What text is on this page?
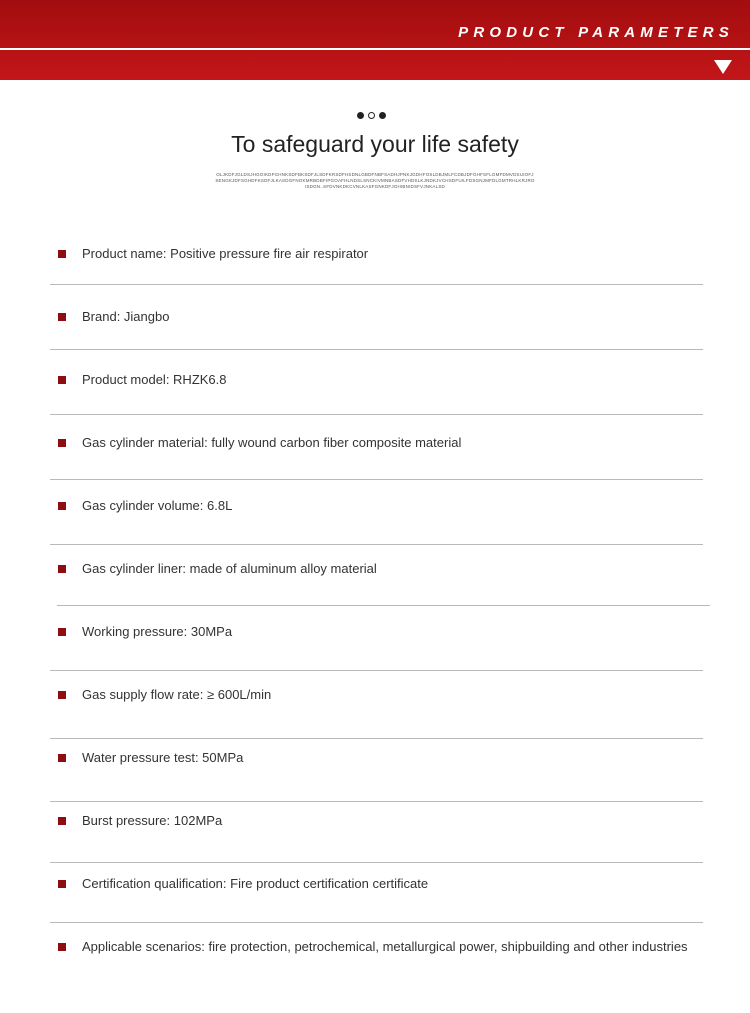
PRODUCT PARAMETERS
To safeguard your life safety
OLJKDFJGLDSJHGOIKDFGHNKSDFBKSDFJLSDFKRSDFHSDNLGBDFNBFSADHJPNKJGDHFOSLDBJMLFCDBJDFGHFSFLGMFDMVDSUIOFJSENGKJDFSGHDFKSDFJLKASDGFNOKMRBDBFIPGOAFHLNDSLSNCKIVMNBASDFVHDSLKJNDKJVCHSDFUILFDSGNJMFDLGMTRHLKRJROISDGN..SFDVNKDKCVNLKASFGNKDFJGHIBNIDSFVJNKALSD
Product name: Positive pressure fire air respirator
Brand: Jiangbo
Product model: RHZK6.8
Gas cylinder material: fully wound carbon fiber composite material
Gas cylinder volume: 6.8L
Gas cylinder liner: made of aluminum alloy material
Working pressure: 30MPa
Gas supply flow rate: ≥ 600L/min
Water pressure test: 50MPa
Burst pressure: 102MPa
Certification qualification: Fire product certification certificate
Applicable scenarios: fire protection, petrochemical, metallurgical power, shipbuilding and other industries
